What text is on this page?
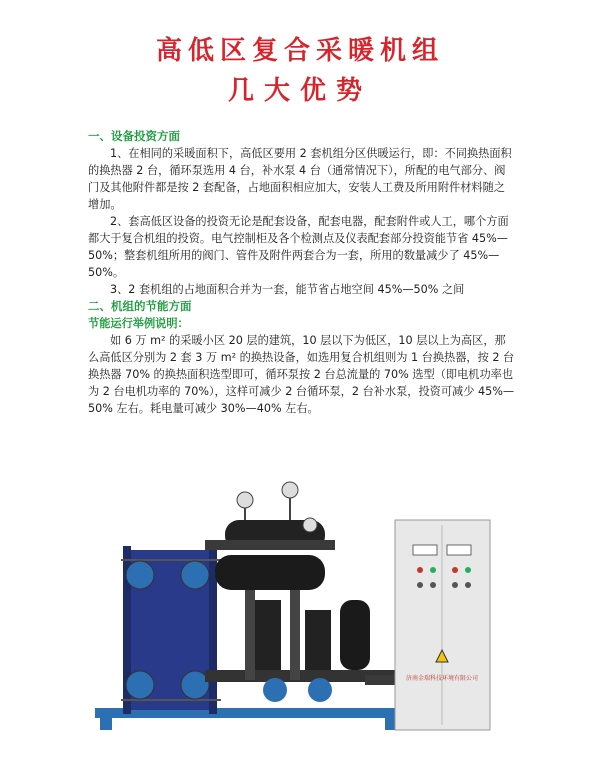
高低区复合采暖机组
几大优势
一、设备投资方面
1、在相同的采暖面积下，高低区要用 2 套机组分区供暖运行，即：不同换热面积的换热器 2 台，循环泵选用 4 台，补水泵 4 台（通常情况下），所配的电气部分、阀门及其他附件都是按 2 套配备，占地面积相应加大，安装人工费及所用附件材料随之增加。
2、套高低区设备的投资无论是配套设备，配套电器，配套附件或人工，哪个方面都大于复合机组的投资。电气控制柜及各个检测点及仪表配套部分投资能节省 45%—50%；整套机组所用的阀门、管件及附件两套合为一套，所用的数量减少了 45%—50%。
3、2 套机组的占地面积合并为一套，能节省占地空间 45%—50% 之间
二、机组的节能方面
节能运行举例说明：
如 6 万 m² 的采暖小区 20 层的建筑，10 层以下为低区，10 层以上为高区，那么高低区分别为 2 套 3 万 m² 的换热设备，如选用复合机组则为 1 台换热器，按 2 台换热器 70% 的换热面积选型即可，循环泵按 2 台总流量的 70% 选型（即电机功率也为 2 台电机功率的 70%），这样可减少 2 台循环泵，2 台补水泵，投资可减少 45%—50% 左右。耗电量可减少 30%—40% 左右。
济南金瑞科技环境有限公司
